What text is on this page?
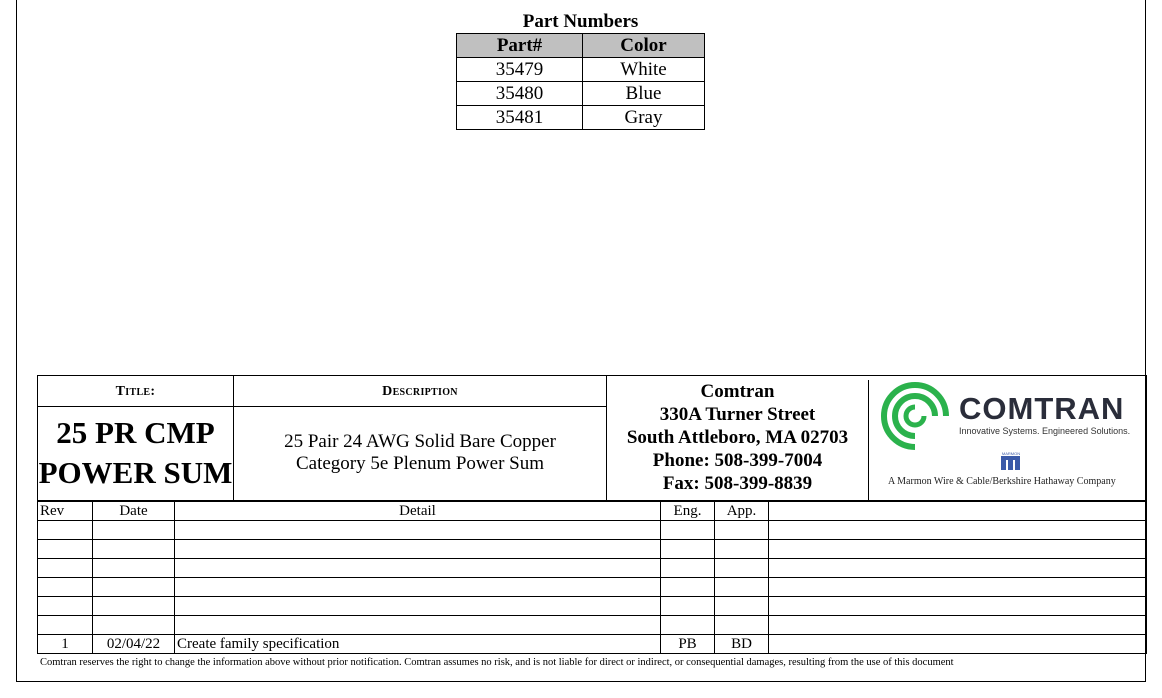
Part Numbers
Part#	Color
35479	White
35480	Blue
35481	Gray
Title:
25 PR CMP
POWER SUM
Description
25 Pair 24 AWG Solid Bare Copper
Category 5e Plenum Power Sum
Comtran
330A Turner Street
South Attleboro, MA 02703
Phone: 508-399-7004
Fax: 508-399-8839
COMTRAN
Innovative Systems. Engineered Solutions.
MARMON
A Marmon Wire & Cable/Berkshire Hathaway Company
Rev	Date	Detail	Eng.	App.	

1	02/04/22	Create family specification	PB	BD	
Comtran reserves the right to change the information above without prior notification. Comtran assumes no risk, and is not liable for direct or indirect, or consequential damages, resulting from the use of this document
